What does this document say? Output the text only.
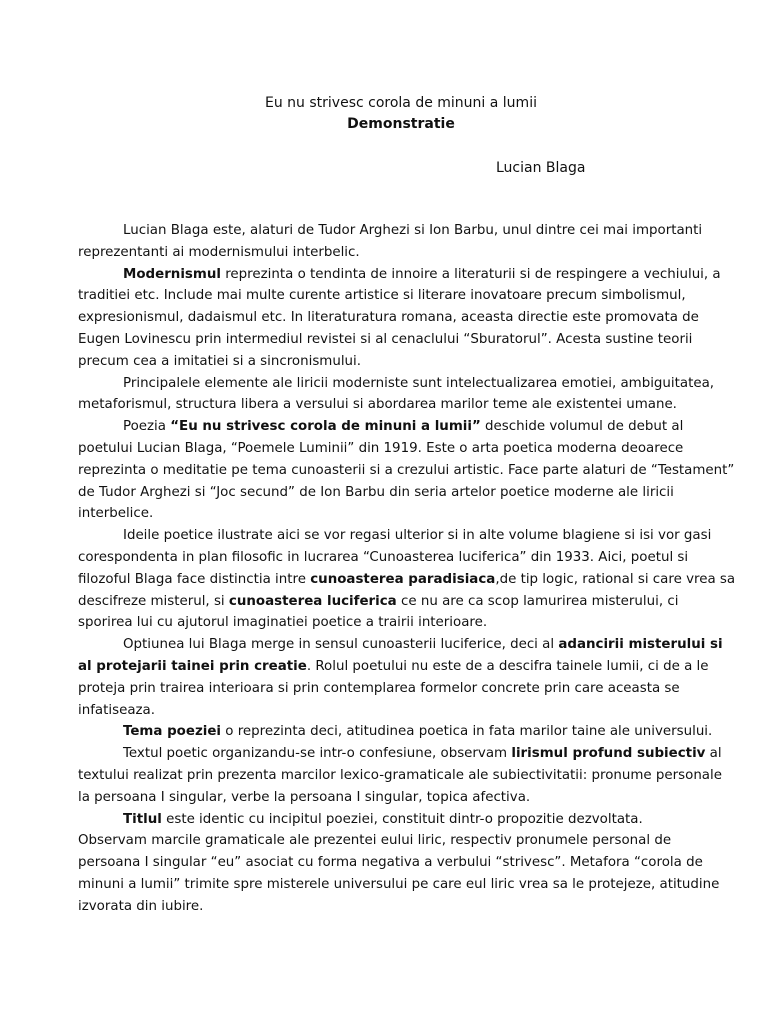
Eu nu strivesc corola de minuni a lumii
Demonstratie
Lucian Blaga

Lucian Blaga este, alaturi de Tudor Arghezi si Ion Barbu, unul dintre cei mai importanti reprezentanti ai modernismului interbelic.

Modernismul reprezinta o tendinta de innoire a literaturii si de respingere a vechiului, a traditiei etc. Include mai multe curente artistice si literare inovatoare precum simbolismul, expresionismul, dadaismul etc. In literaturatura romana, aceasta directie este promovata de Eugen Lovinescu prin intermediul revistei si al cenaclului “Sburatorul”. Acesta sustine teorii precum cea a imitatiei si a sincronismului.

Principalele elemente ale liricii moderniste sunt intelectualizarea emotiei, ambiguitatea, metaforismul, structura libera a versului si abordarea marilor teme ale existentei umane.

Poezia “Eu nu strivesc corola de minuni a lumii” deschide volumul de debut al poetului Lucian Blaga, “Poemele Luminii” din 1919. Este o arta poetica moderna deoarece reprezinta o meditatie pe tema cunoasterii si a crezului artistic. Face parte alaturi de “Testament” de Tudor Arghezi si “Joc secund” de Ion Barbu din seria artelor poetice moderne ale liricii interbelice.

Ideile poetice ilustrate aici se vor regasi ulterior si in alte volume blagiene si isi vor gasi corespondenta in plan filosofic in lucrarea “Cunoasterea luciferica” din 1933. Aici, poetul si filozoful Blaga face distinctia intre cunoasterea paradisiaca,de tip logic, rational si care vrea sa descifreze misterul, si cunoasterea luciferica ce nu are ca scop lamurirea misterului, ci sporirea lui cu ajutorul imaginatiei poetice a trairii interioare.

Optiunea lui Blaga merge in sensul cunoasterii luciferice, deci al adancirii misterului si al protejarii tainei prin creatie. Rolul poetului nu este de a descifra tainele lumii, ci de a le proteja prin trairea interioara si prin contemplarea formelor concrete prin care aceasta se infatiseaza.

Tema poeziei o reprezinta deci, atitudinea poetica in fata marilor taine ale universului.

Textul poetic organizandu-se intr-o confesiune, observam lirismul profund subiectiv al textului realizat prin prezenta marcilor lexico-gramaticale ale subiectivitatii: pronume personale la persoana I singular, verbe la persoana I singular, topica afectiva.

Titlul este identic cu incipitul poeziei, constituit dintr-o propozitie dezvoltata.

Observam marcile gramaticale ale prezentei eului liric, respectiv pronumele personal de persoana I singular “eu” asociat cu forma negativa a verbului “strivesc”. Metafora “corola de minuni a lumii” trimite spre misterele universului pe care eul liric vrea sa le protejeze, atitudine izvorata din iubire.
